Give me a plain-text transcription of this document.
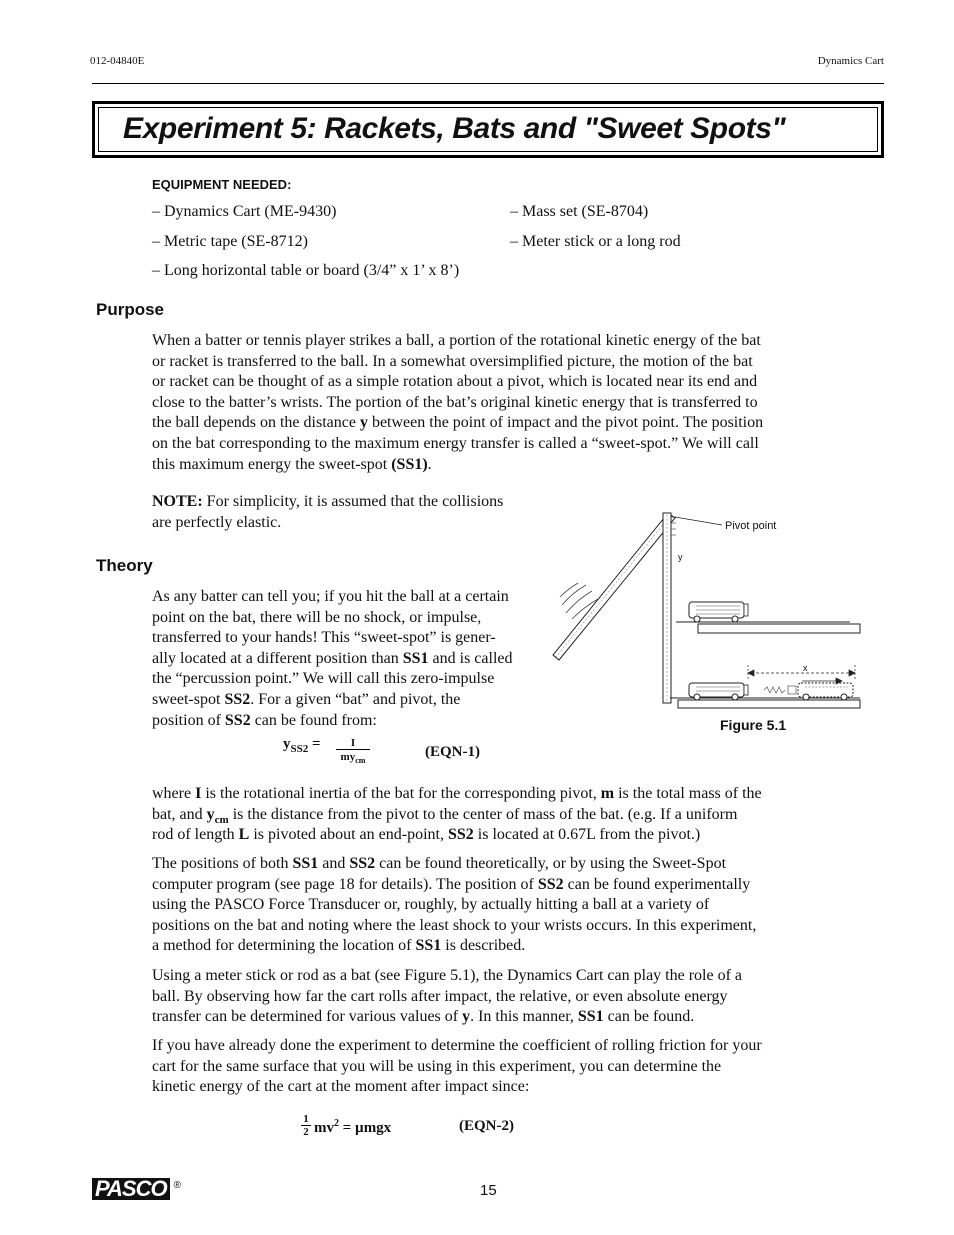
012-04840E	Dynamics Cart
Experiment 5: Rackets, Bats and "Sweet Spots"
EQUIPMENT NEEDED:
– Dynamics Cart (ME-9430)	– Mass set (SE-8704)
– Metric tape (SE-8712)	– Meter stick or a long rod
– Long horizontal table or board (3/4” x 1’ x 8’)
Purpose

When a batter or tennis player strikes a ball, a portion of the rotational kinetic energy of the bat

or racket is transferred to the ball. In a somewhat oversimplified picture, the motion of the bat

or racket can be thought of as a simple rotation about a pivot, which is located near its end and

close to the batter’s wrists. The portion of the bat’s original kinetic energy that is transferred to

the ball depends on the distance y between the point of impact and the pivot point. The position

on the bat corresponding to the maximum energy transfer is called a “sweet-spot.” We will call

this maximum energy the sweet-spot (SS1).

NOTE: For simplicity, it is assumed that the collisions

are perfectly elastic.

Theory

As any batter can tell you; if you hit the ball at a certain

point on the bat, there will be no shock, or impulse,

transferred to your hands! This “sweet-spot” is gener-

ally located at a different position than SS1 and is called

the “percussion point.” We will call this zero-impulse

sweet-spot SS2. For a given “bat” and pivot, the

position of SS2 can be found from:

$y_{SS2}$ =	I
$my_{cm}$
(EQN-1)
Pivot point
y
x
Figure 5.1

where I is the rotational inertia of the bat for the corresponding pivot, m is the total mass of the

bat, and $y_{cm}$ is the distance from the pivot to the center of mass of the bat. (e.g. If a uniform

rod of length L is pivoted about an end-point, SS2 is located at 0.67L from the pivot.)

The positions of both SS1 and SS2 can be found theoretically, or by using the Sweet-Spot

computer program (see page 18 for details). The position of SS2 can be found experimentally

using the PASCO Force Transducer or, roughly, by actually hitting a ball at a variety of

positions on the bat and noting where the least shock to your wrists occurs. In this experiment,

a method for determining the location of SS1 is described.

Using a meter stick or rod as a bat (see Figure 5.1), the Dynamics Cart can play the role of a

ball. By observing how far the cart rolls after impact, the relative, or even absolute energy

transfer can be determined for various values of y. In this manner, SS1 can be found.

If you have already done the experiment to determine the coefficient of rolling friction for your

cart for the same surface that you will be using in this experiment, you can determine the

kinetic energy of the cart at the moment after impact since:

$\frac{1}{2} mv^2 = \mu mgx$	(EQN-2)
PASCO ®	15
